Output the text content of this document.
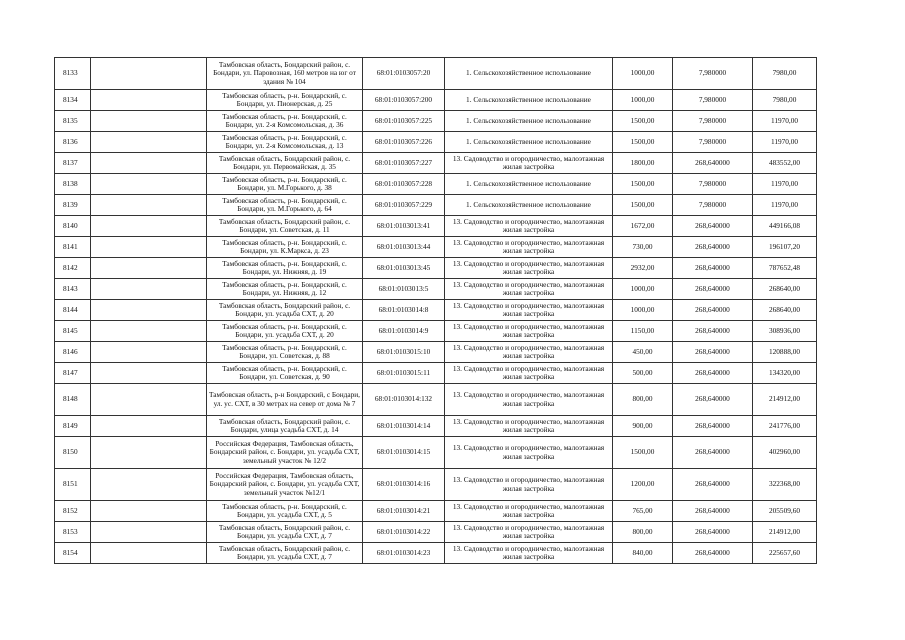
8133		Тамбовская область, Бондарский район, с. Бондари, ул. Паровозная, 160 метров на юг от здания № 104	68:01:0103057:20	1. Сельскохозяйственное использование	1000,00	7,980000	7980,00
8134		Тамбовская область, р-н. Бондарский, с. Бондари, ул. Пионерская, д. 25	68:01:0103057:200	1. Сельскохозяйственное использование	1000,00	7,980000	7980,00
8135		Тамбовская область, р-н. Бондарский, с. Бондари, ул. 2-я Комсомольская, д. 36	68:01:0103057:225	1. Сельскохозяйственное использование	1500,00	7,980000	11970,00
8136		Тамбовская область, р-н. Бондарский, с. Бондари, ул. 2-я Комсомольская, д. 13	68:01:0103057:226	1. Сельскохозяйственное использование	1500,00	7,980000	11970,00
8137		Тамбовская область, Бондарский район, с. Бондари, ул. Первомайская, д. 35	68:01:0103057:227	13. Садоводство и огородничество, малоэтажная жилая застройка	1800,00	268,640000	483552,00
8138		Тамбовская область, р-н. Бондарский, с. Бондари, ул. М.Горького, д. 38	68:01:0103057:228	1. Сельскохозяйственное использование	1500,00	7,980000	11970,00
8139		Тамбовская область, р-н. Бондарский, с. Бондари, ул. М.Горького, д. 64	68:01:0103057:229	1. Сельскохозяйственное использование	1500,00	7,980000	11970,00
8140		Тамбовская область, Бондарский район, с. Бондари, ул. Советская, д. 11	68:01:0103013:41	13. Садоводство и огородничество, малоэтажная жилая застройка	1672,00	268,640000	449166,08
8141		Тамбовская область, р-н. Бондарский, с. Бондари, ул. К.Маркса, д. 23	68:01:0103013:44	13. Садоводство и огородничество, малоэтажная жилая застройка	730,00	268,640000	196107,20
8142		Тамбовская область, р-н. Бондарский, с. Бондари, ул. Нижняя, д. 19	68:01:0103013:45	13. Садоводство и огородничество, малоэтажная жилая застройка	2932,00	268,640000	787652,48
8143		Тамбовская область, р-н. Бондарский, с. Бондари, ул. Нижняя, д. 12	68:01:0103013:5	13. Садоводство и огородничество, малоэтажная жилая застройка	1000,00	268,640000	268640,00
8144		Тамбовская область, Бондарский район, с. Бондари, ул. усадьба СХТ, д. 20	68:01:0103014:8	13. Садоводство и огородничество, малоэтажная жилая застройка	1000,00	268,640000	268640,00
8145		Тамбовская область, р-н. Бондарский, с. Бондари, ул. усадьба СХТ, д. 20	68:01:0103014:9	13. Садоводство и огородничество, малоэтажная жилая застройка	1150,00	268,640000	308936,00
8146		Тамбовская область, р-н. Бондарский, с. Бондари, ул. Советская, д. 88	68:01:0103015:10	13. Садоводство и огородничество, малоэтажная жилая застройка	450,00	268,640000	120888,00
8147		Тамбовская область, р-н. Бондарский, с. Бондари, ул. Советская, д. 90	68:01:0103015:11	13. Садоводство и огородничество, малоэтажная жилая застройка	500,00	268,640000	134320,00
8148		Тамбовская область, р-н Бондарский, с Бондари, ул. ус. СХТ, в 30 метрах на север от дома № 7	68:01:0103014:132	13. Садоводство и огородничество, малоэтажная жилая застройка	800,00	268,640000	214912,00
8149		Тамбовская область, Бондарский район, с. Бондари, улица усадьба СХТ, д. 14	68:01:0103014:14	13. Садоводство и огородничество, малоэтажная жилая застройка	900,00	268,640000	241776,00
8150		Российская Федерация, Тамбовская область, Бондарский район, с. Бондари, ул. усадьба СХТ, земельный участок № 12/2	68:01:0103014:15	13. Садоводство и огородничество, малоэтажная жилая застройка	1500,00	268,640000	402960,00
8151		Российская Федерация, Тамбовская область, Бондарский район, с. Бондари, ул. усадьба СХТ, земельный участок №12/1	68:01:0103014:16	13. Садоводство и огородничество, малоэтажная жилая застройка	1200,00	268,640000	322368,00
8152		Тамбовская область, р-н. Бондарский, с. Бондари, ул. усадьба СХТ, д. 5	68:01:0103014:21	13. Садоводство и огородничество, малоэтажная жилая застройка	765,00	268,640000	205509,60
8153		Тамбовская область, Бондарский район, с. Бондари, ул. усадьба СХТ, д. 7	68:01:0103014:22	13. Садоводство и огородничество, малоэтажная жилая застройка	800,00	268,640000	214912,00
8154		Тамбовская область, Бондарский район, с. Бондари, ул. усадьба СХТ, д. 7	68:01:0103014:23	13. Садоводство и огородничество, малоэтажная жилая застройка	840,00	268,640000	225657,60
